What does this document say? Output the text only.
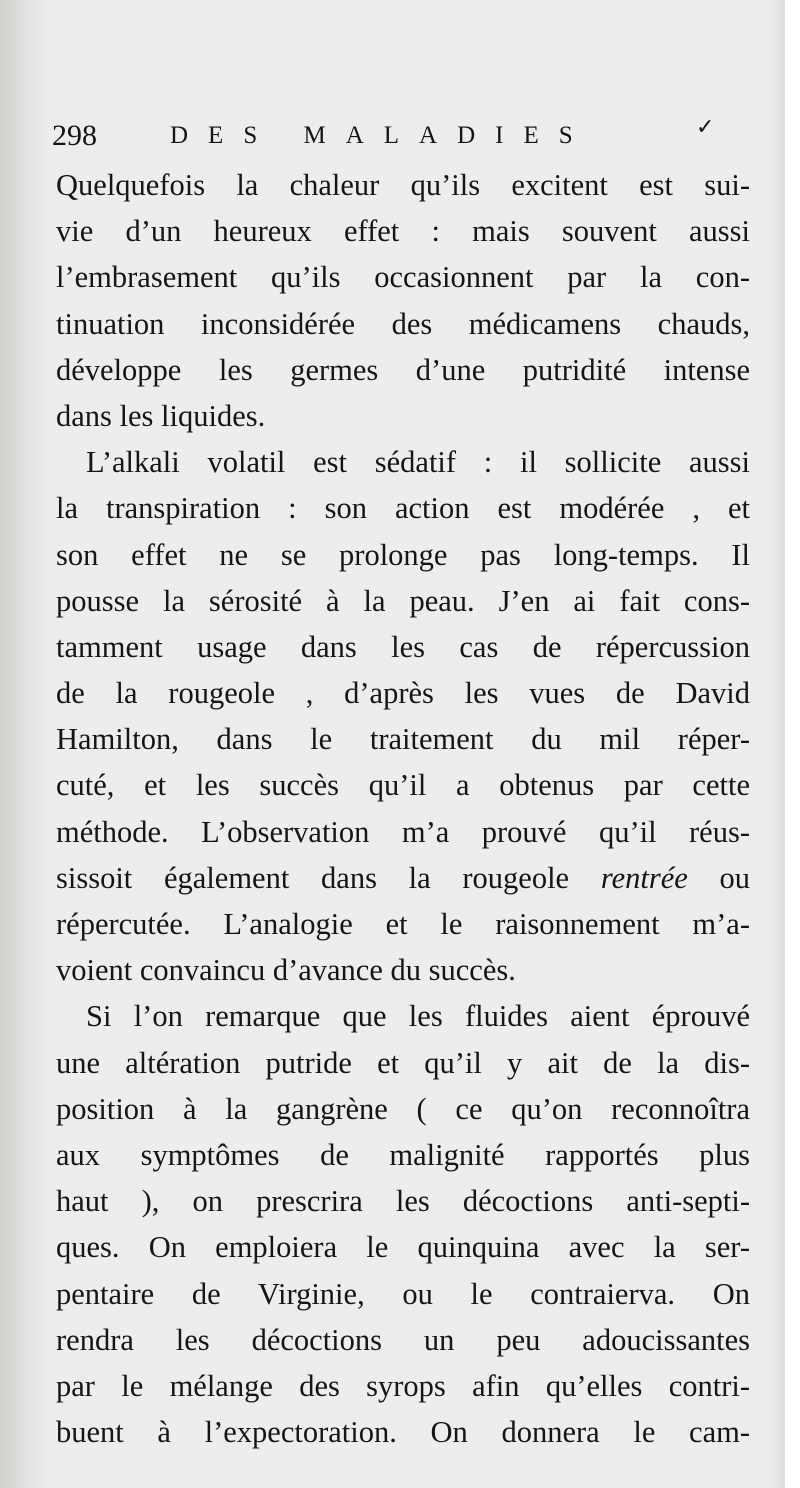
298	DES MALADIES	✓
Quelquefois la chaleur qu’ils excitent est sui-
vie d’un heureux effet : mais souvent aussi
l’embrasement qu’ils occasionnent par la con-
tinuation inconsidérée des médicamens chauds,
développe les germes d’une putridité intense
dans les liquides.
L’alkali volatil est sédatif : il sollicite aussi
la transpiration : son action est modérée , et
son effet ne se prolonge pas long-temps. Il
pousse la sérosité à la peau. J’en ai fait cons-
tamment usage dans les cas de répercussion
de la rougeole , d’après les vues de David
Hamilton, dans le traitement du mil réper-
cuté, et les succès qu’il a obtenus par cette
méthode. L’observation m’a prouvé qu’il réus-
sissoit également dans la rougeole rentrée ou
répercutée. L’analogie et le raisonnement m’a-
voient convaincu d’avance du succès.
Si l’on remarque que les fluides aient éprouvé
une altération putride et qu’il y ait de la dis-
position à la gangrène ( ce qu’on reconnoîtra
aux symptômes de malignité rapportés plus
haut ), on prescrira les décoctions anti-septi-
ques. On emploiera le quinquina avec la ser-
pentaire de Virginie, ou le contraierva. On
rendra les décoctions un peu adoucissantes
par le mélange des syrops afin qu’elles contri-
buent à l’expectoration. On donnera le cam-
